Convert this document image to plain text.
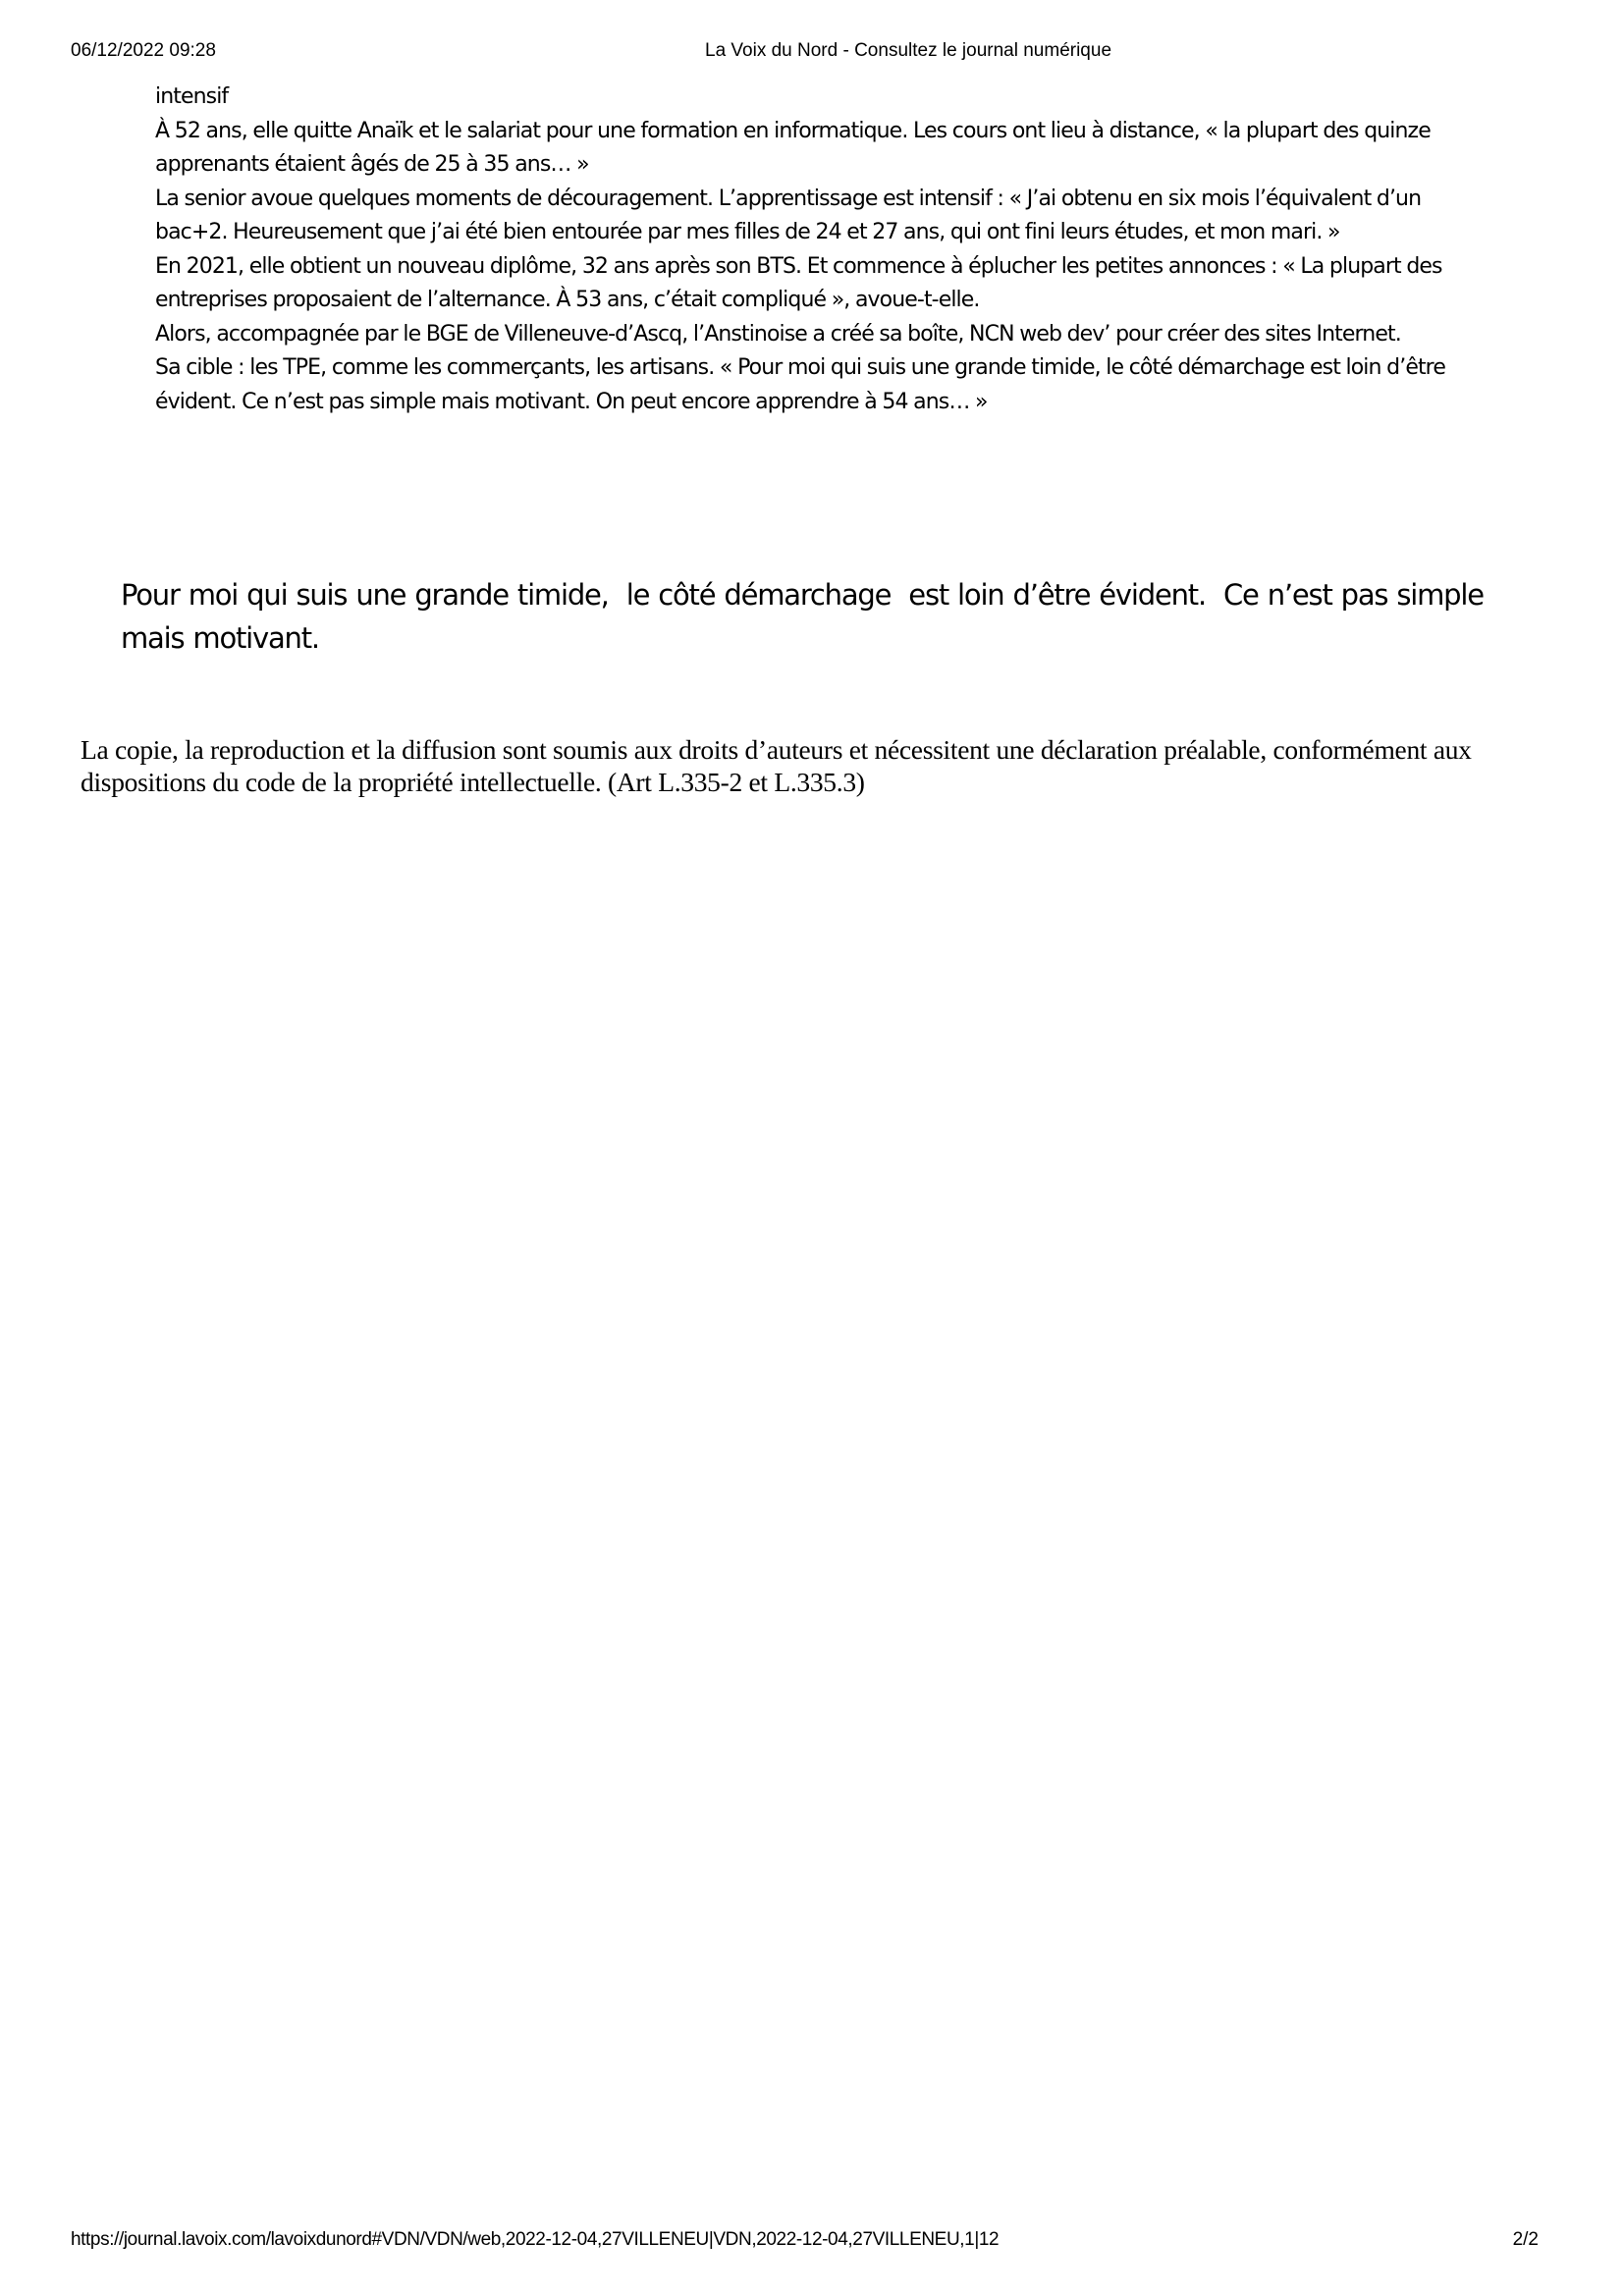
06/12/2022 09:28	La Voix du Nord - Consultez le journal numérique

intensif

À 52 ans, elle quitte Anaïk et le salariat pour une formation en informatique. Les cours ont lieu à distance, « la plupart des quinze apprenants étaient âgés de 25 à 35 ans… »

La senior avoue quelques moments de découragement. L’apprentissage est intensif : « J’ai obtenu en six mois l’équivalent d’un bac+2. Heureusement que j’ai été bien entourée par mes filles de 24 et 27 ans, qui ont fini leurs études, et mon mari. »

En 2021, elle obtient un nouveau diplôme, 32 ans après son BTS. Et commence à éplucher les petites annonces : « La plupart des entreprises proposaient de l’alternance. À 53 ans, c’était compliqué », avoue-t-elle.

Alors, accompagnée par le BGE de Villeneuve-d’Ascq, l’Anstinoise a créé sa boîte, NCN web dev’ pour créer des sites Internet.

Sa cible : les TPE, comme les commerçants, les artisans. « Pour moi qui suis une grande timide, le côté démarchage est loin d’être évident. Ce n’est pas simple mais motivant. On peut encore apprendre à 54 ans… »

Pour moi qui suis une grande timide,  le côté démarchage  est loin d’être évident.  Ce n’est pas simple  mais motivant.
La copie, la reproduction et la diffusion sont soumis aux droits d’auteurs et nécessitent une déclaration préalable, conformément aux dispositions du code de la propriété intellectuelle. (Art L.335-2 et L.335.3)
https://journal.lavoix.com/lavoixdunord#VDN/VDN/web,2022-12-04,27VILLENEU|VDN,2022-12-04,27VILLENEU,1|12	2/2
